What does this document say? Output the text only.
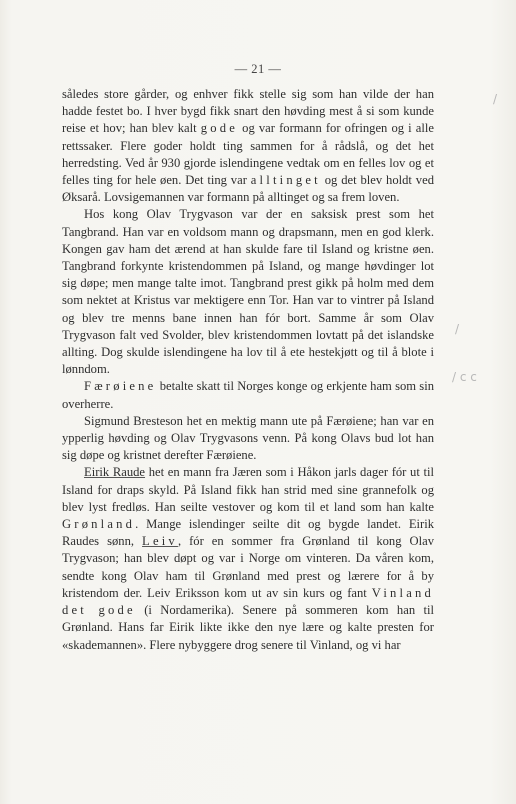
— 21 —

således store gårder, og enhver fikk stelle sig som han vilde der han hadde festet bo. I hver bygd fikk snart den høvding mest å si som kunde reise et hov; han blev kalt gode og var formann for ofringen og i alle rettssaker. Flere goder holdt ting sammen for å rådslå, og det het herredsting. Ved år 930 gjorde islendingene vedtak om en felles lov og et felles ting for hele øen. Det ting var alltinget og det blev holdt ved Øksarå. Lovsigemannen var formann på alltinget og sa frem loven.

Hos kong Olav Trygvason var der en saksisk prest som het Tangbrand. Han var en voldsom mann og drapsmann, men en god klerk. Kongen gav ham det ærend at han skulde fare til Island og kristne øen. Tangbrand forkynte kristendommen på Island, og mange høvdinger lot sig døpe; men mange talte imot. Tangbrand prest gikk på holm med dem som nektet at Kristus var mektigere enn Tor. Han var to vintrer på Island og blev tre menns bane innen han fór bort. Samme år som Olav Trygvason falt ved Svolder, blev kristendommen lovtatt på det islandske allting. Dog skulde islendingene ha lov til å ete hestekjøtt og til å blote i lønndom.

Færøiene betalte skatt til Norges konge og erkjente ham som sin overherre.

Sigmund Bresteson het en mektig mann ute på Færøiene; han var en ypperlig høvding og Olav Trygvasons venn. På kong Olavs bud lot han sig døpe og kristnet derefter Færøiene.

Eirik Raude het en mann fra Jæren som i Håkon jarls dager fór ut til Island for draps skyld. På Island fikk han strid med sine grannefolk og blev lyst fredløs. Han seilte vestover og kom til et land som han kalte Grønland. Mange islendinger seilte dit og bygde landet. Eirik Raudes sønn, Leiv, fór en sommer fra Grønland til kong Olav Trygvason; han blev døpt og var i Norge om vinteren. Da våren kom, sendte kong Olav ham til Grønland med prest og lærere for å by kristendom der. Leiv Eriksson kom ut av sin kurs og fant Vinland det gode (i Nordamerika). Senere på sommeren kom han til Grønland. Hans far Eirik likte ikke den nye lære og kalte presten for «skademannen». Flere nybyggere drog senere til Vinland, og vi har

/
/ c c
/
